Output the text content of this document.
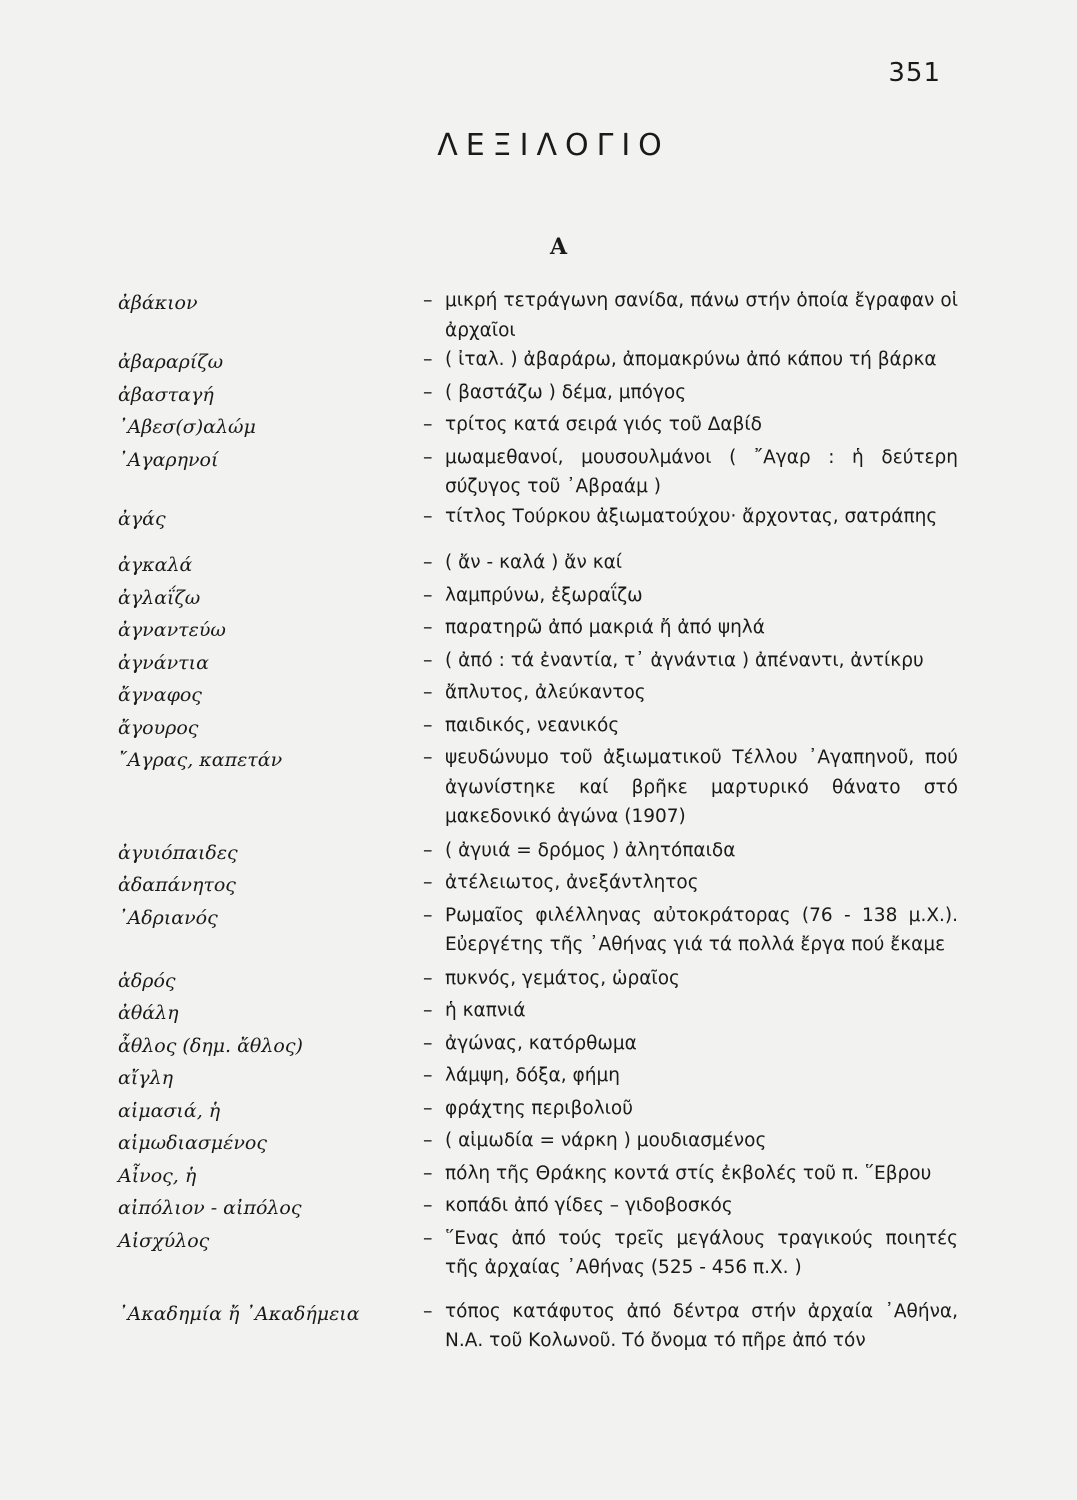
351
ΛΕΞΙΛΟΓΙΟ
Α
ἀβάκιον	– μικρή τετράγωνη σανίδα, πάνω στήν ὁποία ἔγραφαν οἱ ἀρχαῖοι
ἀβαραρίζω	– ( ἰταλ. ) ἀβαράρω, ἀπομακρύνω ἀπό κάπου τή βάρκα
ἀβασταγή	– ( βαστάζω ) δέμα, μπόγος
᾿Αβεσ(σ)αλώμ	– τρίτος κατά σειρά γιός τοῦ Δαβίδ
᾿Αγαρηνοί	– μωαμεθανοί, μουσουλμάνοι ( ῎Αγαρ : ἡ δεύτερη σύζυγος τοῦ ᾿Αβραάμ )
ἀγάς	– τίτλος Τούρκου ἀξιωματούχου· ἄρχοντας, σατράπης
ἀγκαλά	– ( ἄν - καλά ) ἄν καί
ἀγλαΐζω	– λαμπρύνω, ἐξωραΐζω
ἀγναντεύω	– παρατηρῶ ἀπό μακριά ἤ ἀπό ψηλά
ἀγνάντια	– ( ἀπό : τά ἐναντία, τ᾿ ἀγνάντια ) ἀπέναντι, ἀντίκρυ
ἄγναφος	– ἄπλυτος, ἀλεύκαντος
ἄγουρος	– παιδικός, νεανικός
῎Αγρας, καπετάν	– ψευδώνυμο τοῦ ἀξιωματικοῦ Τέλλου ᾿Αγαπηνοῦ, πού ἀγωνίστηκε καί βρῆκε μαρτυρικό θάνατο στό μακεδονικό ἀγώνα (1907)
ἀγυιόπαιδες	– ( ἀγυιά = δρόμος ) ἀλητόπαιδα
ἀδαπάνητος	– ἀτέλειωτος, ἀνεξάντλητος
᾿Αδριανός	– Ρωμαῖος φιλέλληνας αὐτοκράτορας (76 - 138 μ.Χ.). Εὐεργέτης τῆς ᾿Αθήνας γιά τά πολλά ἔργα πού ἔκαμε
ἁδρός	– πυκνός, γεμάτος, ὡραῖος
ἀθάλη	– ἡ καπνιά
ἆθλος (δημ. ἄθλος)	– ἀγώνας, κατόρθωμα
αἴγλη	– λάμψη, δόξα, φήμη
αἱμασιά, ἡ	– φράχτης περιβολιοῦ
αἱμωδιασμένος	– ( αἱμωδία = νάρκη ) μουδιασμένος
Αἶνος, ἡ	– πόλη τῆς Θράκης κοντά στίς ἐκβολές τοῦ π. ῞Εβρου
αἰπόλιον - αἰπόλος	– κοπάδι ἀπό γίδες – γιδοβοσκός
Αἰσχύλος	– ῞Ενας ἀπό τούς τρεῖς μεγάλους τραγικούς ποιητές τῆς ἀρχαίας ᾿Αθήνας (525 - 456 π.Χ. )
᾿Ακαδημία ἤ ᾿Ακαδήμεια	– τόπος κατάφυτος ἀπό δέντρα στήν ἀρχαία ᾿Αθήνα, Ν.Α. τοῦ Κολωνοῦ. Τό ὄνομα τό πῆρε ἀπό τόν
